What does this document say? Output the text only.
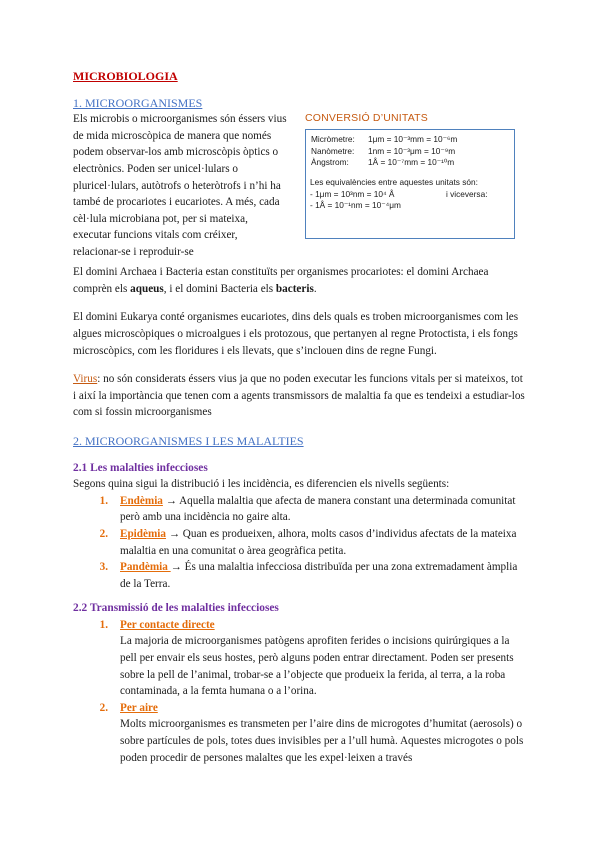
MICROBIOLOGIA
1. MICROORGANISMES

Els microbis o microorganismes són éssers vius de mida microscòpica de manera que només podem observar-los amb microscòpis òptics o electrònics. Poden ser unicel·lulars o pluricel·lulars, autòtrofs o heteròtrofs i n’hi ha també de procariotes i eucariotes. A més, cada cèl·lula microbiana pot, per si mateixa, executar funcions vitals com créixer, relacionar-se i reproduir-se

CONVERSIÓ D’UNITATS
Micròmetre:	1μm = 10⁻³mm = 10⁻⁶m
Nanòmetre:	1nm = 10⁻³μm = 10⁻⁹m
Àngstrom:	1Å = 10⁻⁷mm = 10⁻¹⁰m
Les equivalències entre aquestes unitats són:
- 1μm = 10³nm = 10⁴ Å	i viceversa:
- 1Å = 10⁻¹nm = 10⁻⁴μm

El domini Archaea i Bacteria estan constituïts per organismes procariotes: el domini Archaea comprèn els aqueus, i el domini Bacteria els bacteris.

El domini Eukarya conté organismes eucariotes, dins dels quals es troben microorganismes com les algues microscòpiques o microalgues i els protozous, que pertanyen al regne Protoctista, i els fongs microscòpics, com les floridures i els llevats, que s’inclouen dins de regne Fungi.

Virus: no són considerats éssers vius ja que no poden executar les funcions vitals per si mateixos, tot i així la importància que tenen com a agents transmissors de malaltia fa que es tendeixi a estudiar-los com si fossin microorganismes

2. MICROORGANISMES I LES MALALTIES
2.1 Les malalties infeccioses

Segons quina sigui la distribució i les incidència, es diferencien els nivells següents:

1.	Endèmia → Aquella malaltia que afecta de manera constant una determinada comunitat però amb una incidència no gaire alta.
2.	Epidèmia → Quan es produeixen, alhora, molts casos d’individus afectats de la mateixa malaltia en una comunitat o àrea geogràfica petita.
3.	Pandèmia → És una malaltia infecciosa distribuïda per una zona extremadament àmplia de la Terra.
2.2 Transmissió de les malalties infeccioses
1.	Per contacte directe

La majoria de microorganismes patògens aprofiten ferides o incisions quirúrgiques a la pell per envair els seus hostes, però alguns poden entrar directament. Poden ser presents sobre la pell de l’animal, trobar-se a l’objecte que produeix la ferida, al terra, a la roba contaminada, a la femta humana o a l’orina.

2.	Per aire

Molts microorganismes es transmeten per l’aire dins de microgotes d’humitat (aerosols) o sobre partícules de pols, totes dues invisibles per a l’ull humà. Aquestes microgotes o pols poden procedir de persones malaltes que les expel·leixen a través
